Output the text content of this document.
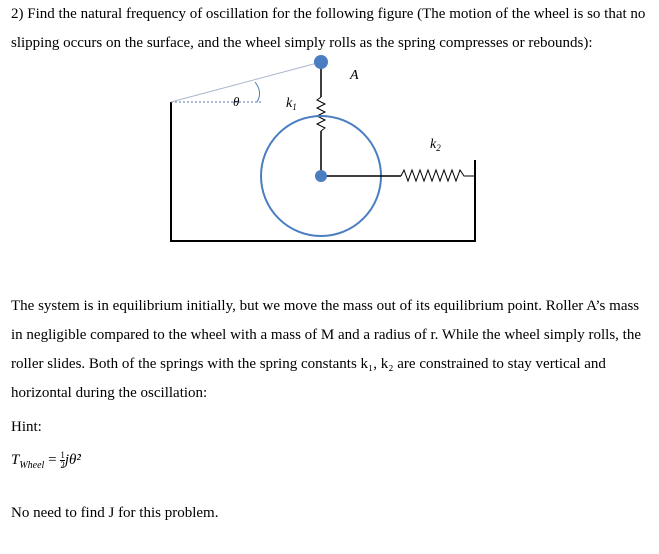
2) Find the natural frequency of oscillation for the following figure (The motion of the wheel is so that no slipping occurs on the surface, and the wheel simply rolls as the spring compresses or rebounds):
θ
A
$k_1$
$k_2$
The system is in equilibrium initially, but we move the mass out of its equilibrium point. Roller A’s mass in negligible compared to the wheel with a mass of M and a radius of r. While the wheel simply rolls, the roller slides. Both of the springs with the spring constants k₁, k₂ are constrained to stay vertical and horizontal during the oscillation:
Hint:
$T_{Wheel} = \frac{1}{2}$ jθ̇²
No need to find J for this problem.
